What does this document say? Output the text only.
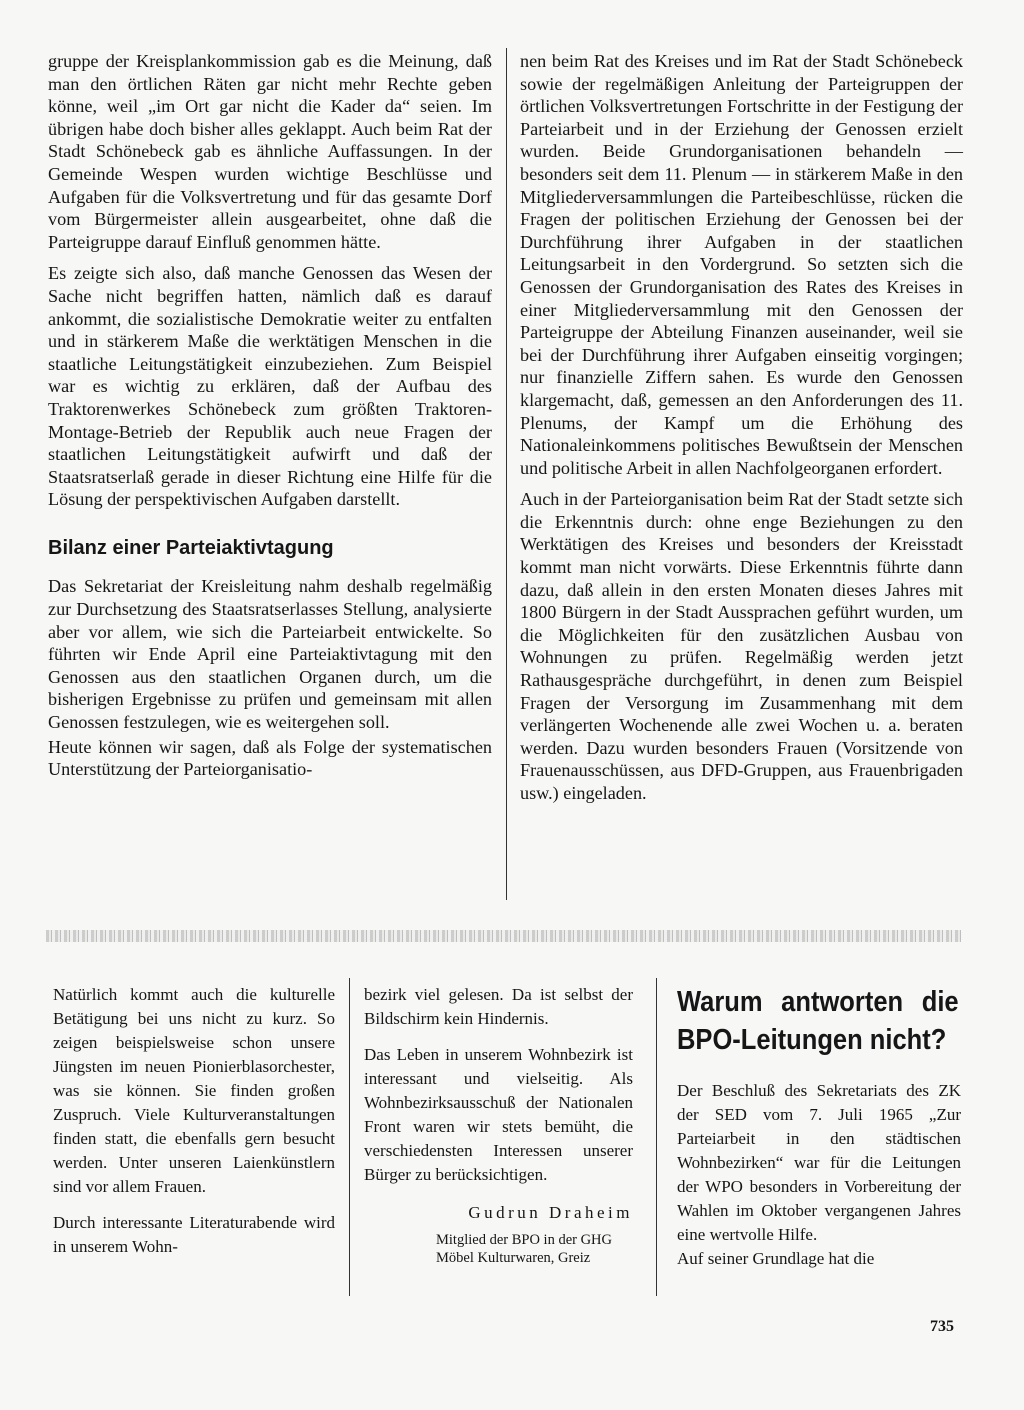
gruppe der Kreisplankommission gab es die Meinung, daß man den örtlichen Räten gar nicht mehr Rechte geben könne, weil „im Ort gar nicht die Kader da“ seien. Im übrigen habe doch bisher alles geklappt. Auch beim Rat der Stadt Schönebeck gab es ähnliche Auffassungen. In der Gemeinde Wespen wurden wichtige Beschlüsse und Aufgaben für die Volksvertretung und für das gesamte Dorf vom Bürgermeister allein ausgearbeitet, ohne daß die Parteigruppe darauf Einfluß genommen hätte.

Es zeigte sich also, daß manche Genossen das Wesen der Sache nicht begriffen hatten, nämlich daß es darauf ankommt, die sozialistische Demokratie weiter zu entfalten und in stärkerem Maße die werktätigen Menschen in die staatliche Leitungstätigkeit einzubeziehen. Zum Beispiel war es wichtig zu erklären, daß der Aufbau des Traktorenwerkes Schönebeck zum größten Traktoren-Montage-Betrieb der Republik auch neue Fragen der staatlichen Leitungstätigkeit aufwirft und daß der Staatsratserlaß gerade in dieser Richtung eine Hilfe für die Lösung der perspektivischen Aufgaben darstellt.

Bilanz einer Parteiaktivtagung

Das Sekretariat der Kreisleitung nahm deshalb regelmäßig zur Durchsetzung des Staatsratserlasses Stellung, analysierte aber vor allem, wie sich die Parteiarbeit entwickelte. So führten wir Ende April eine Parteiaktivtagung mit den Genossen aus den staatlichen Organen durch, um die bisherigen Ergebnisse zu prüfen und gemeinsam mit allen Genossen festzulegen, wie es weitergehen soll.

Heute können wir sagen, daß als Folge der systematischen Unterstützung der Parteiorganisatio-

nen beim Rat des Kreises und im Rat der Stadt Schönebeck sowie der regelmäßigen Anleitung der Parteigruppen der örtlichen Volksvertretungen Fortschritte in der Festigung der Parteiarbeit und in der Erziehung der Genossen erzielt wurden. Beide Grundorganisationen behandeln — besonders seit dem 11. Plenum — in stärkerem Maße in den Mitgliederversammlungen die Parteibeschlüsse, rücken die Fragen der politischen Erziehung der Genossen bei der Durchführung ihrer Aufgaben in der staatlichen Leitungsarbeit in den Vordergrund. So setzten sich die Genossen der Grundorganisation des Rates des Kreises in einer Mitgliederversammlung mit den Genossen der Parteigruppe der Abteilung Finanzen auseinander, weil sie bei der Durchführung ihrer Aufgaben einseitig vorgingen; nur finanzielle Ziffern sahen. Es wurde den Genossen klargemacht, daß, gemessen an den Anforderungen des 11. Plenums, der Kampf um die Erhöhung des Nationaleinkommens politisches Bewußtsein der Menschen und politische Arbeit in allen Nachfolgeorganen erfordert.

Auch in der Parteiorganisation beim Rat der Stadt setzte sich die Erkenntnis durch: ohne enge Beziehungen zu den Werktätigen des Kreises und besonders der Kreisstadt kommt man nicht vorwärts. Diese Erkenntnis führte dann dazu, daß allein in den ersten Monaten dieses Jahres mit 1800 Bürgern in der Stadt Aussprachen geführt wurden, um die Möglichkeiten für den zusätzlichen Ausbau von Wohnungen zu prüfen. Regelmäßig werden jetzt Rathausgespräche durchgeführt, in denen zum Beispiel Fragen der Versorgung im Zusammenhang mit dem verlängerten Wochenende alle zwei Wochen u. a. beraten werden. Dazu wurden besonders Frauen (Vorsitzende von Frauenausschüssen, aus DFD-Gruppen, aus Frauenbrigaden usw.) eingeladen.

Natürlich kommt auch die kulturelle Betätigung bei uns nicht zu kurz. So zeigen beispielsweise schon unsere Jüngsten im neuen Pionierblasorchester, was sie können. Sie finden großen Zuspruch. Viele Kulturveranstaltungen finden statt, die ebenfalls gern besucht werden. Unter unseren Laienkünstlern sind vor allem Frauen.

Durch interessante Literaturabende wird in unserem Wohn-

bezirk viel gelesen. Da ist selbst der Bildschirm kein Hindernis.

Das Leben in unserem Wohnbezirk ist interessant und vielseitig. Als Wohnbezirksausschuß der Nationalen Front waren wir stets bemüht, die verschiedensten Interessen unserer Bürger zu berücksichtigen.

Gudrun Draheim
Mitglied der BPO in der GHG Möbel Kulturwaren, Greiz
Warum antworten die BPO-Leitungen nicht?

Der Beschluß des Sekretariats des ZK der SED vom 7. Juli 1965 „Zur Parteiarbeit in den städtischen Wohnbezirken“ war für die Leitungen der WPO besonders in Vorbereitung der Wahlen im Oktober vergangenen Jahres eine wertvolle Hilfe.

Auf seiner Grundlage hat die

735
